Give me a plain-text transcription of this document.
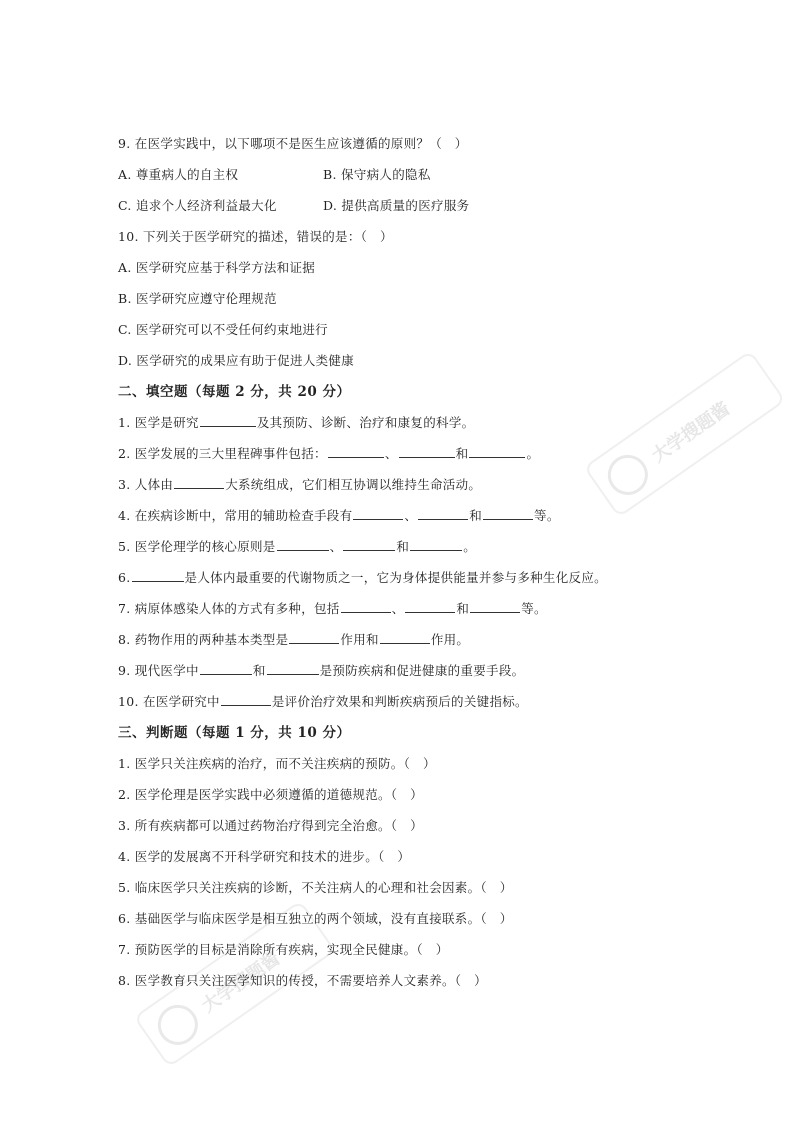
大学搜题酱
大学搜题酱
9. 在医学实践中，以下哪项不是医生应该遵循的原则？（　）
A. 尊重病人的自主权	B. 保守病人的隐私
C. 追求个人经济利益最大化	D. 提供高质量的医疗服务
10. 下列关于医学研究的描述，错误的是：（　）
A. 医学研究应基于科学方法和证据
B. 医学研究应遵守伦理规范
C. 医学研究可以不受任何约束地进行
D. 医学研究的成果应有助于促进人类健康
二、填空题（每题 2 分，共 20 分）
1. 医学是研究	及其预防、诊断、治疗和康复的科学。
2. 医学发展的三大里程碑事件包括：	、	和	。
3. 人体由	大系统组成，它们相互协调以维持生命活动。
4. 在疾病诊断中，常用的辅助检查手段有	、	和	等。
5. 医学伦理学的核心原则是	、	和	。
6.	是人体内最重要的代谢物质之一，它为身体提供能量并参与多种生化反应。
7. 病原体感染人体的方式有多种，包括	、	和	等。
8. 药物作用的两种基本类型是	作用和	作用。
9. 现代医学中	和	是预防疾病和促进健康的重要手段。
10. 在医学研究中	是评价治疗效果和判断疾病预后的关键指标。
三、判断题（每题 1 分，共 10 分）
1. 医学只关注疾病的治疗，而不关注疾病的预防。（　）
2. 医学伦理是医学实践中必须遵循的道德规范。（　）
3. 所有疾病都可以通过药物治疗得到完全治愈。（　）
4. 医学的发展离不开科学研究和技术的进步。（　）
5. 临床医学只关注疾病的诊断，不关注病人的心理和社会因素。（　）
6. 基础医学与临床医学是相互独立的两个领域，没有直接联系。（　）
7. 预防医学的目标是消除所有疾病，实现全民健康。（　）
8. 医学教育只关注医学知识的传授，不需要培养人文素养。（　）
